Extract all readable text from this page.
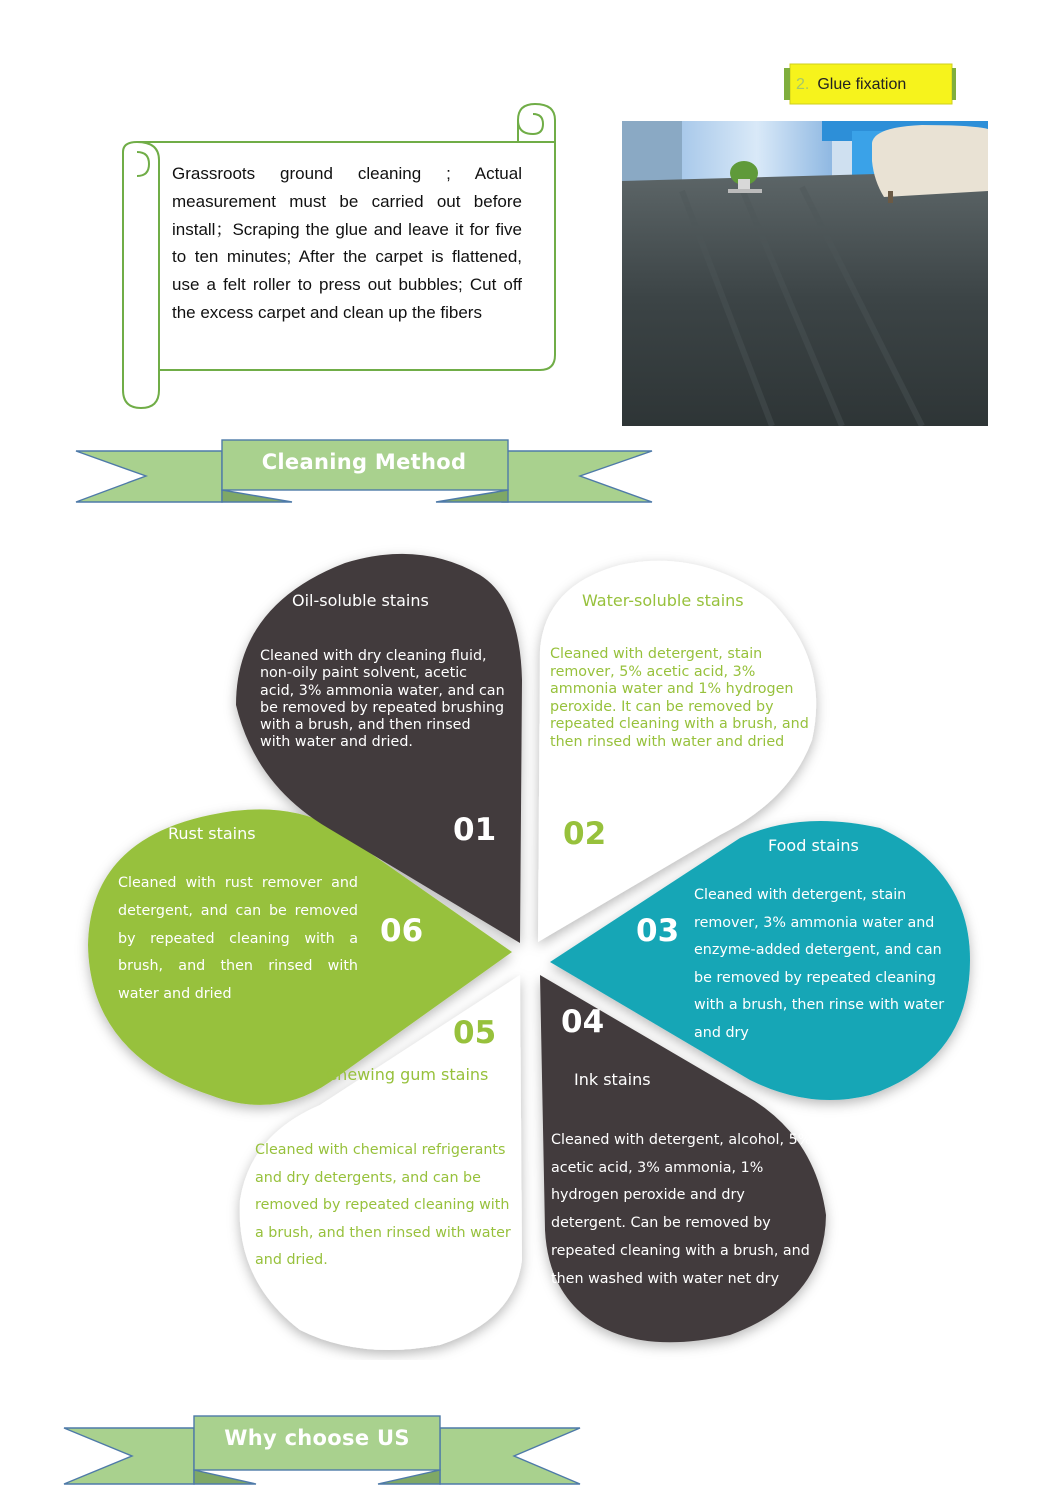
2. Glue fixation
Grassroots ground cleaning ; Actual measurement must be carried out before install；Scraping the glue and leave it for five to ten minutes; After the carpet is flattened, use a felt roller to press out bubbles; Cut off the excess carpet and clean up the fibers
Cleaning Method
Oil-soluble stains
Cleaned with dry cleaning fluid, non-oily paint solvent, acetic acid, 3% ammonia water, and can be removed by repeated brushing with a brush, and then rinsed with water and dried.
01
Water-soluble stains
Cleaned with detergent, stain remover, 5% acetic acid, 3% ammonia water and 1% hydrogen peroxide. It can be removed by repeated cleaning with a brush, and then rinsed with water and dried
02	Food stains
Cleaned with detergent, stain remover, 3% ammonia water and enzyme-added detergent, and can be removed by repeated cleaning with a brush, then rinse with water and dry
03
Ink stains
Cleaned with detergent, alcohol, 5% acetic acid, 3% ammonia, 1% hydrogen peroxide and dry detergent. Can be removed by repeated cleaning with a brush, and then washed with water net dry
04
Chewing gum stains
Cleaned with chemical refrigerants and dry detergents, and can be removed by repeated cleaning with a brush, and then rinsed with water and dried.
05
Rust stains
Cleaned with rust remover and detergent, and can be removed by repeated cleaning with a brush, and then rinsed with water and dried
06
Why choose US
